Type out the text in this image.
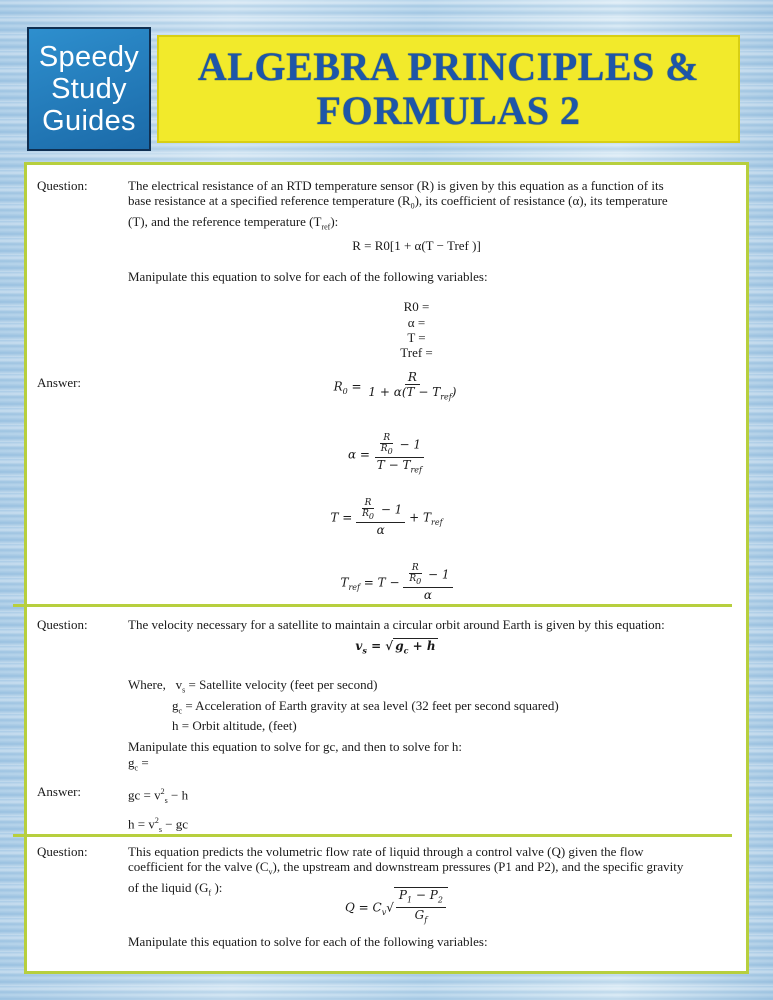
Speedy
Study
Guides
ALGEBRA PRINCIPLES &
FORMULAS 2
Question:	The electrical resistance of an RTD temperature sensor (R) is given by this equation as a function of its base resistance at a specified reference temperature $(R_0)$, its coefficient of resistance (α), its temperature (T), and the reference temperature $(T_{ref})$:
R = R0[1 + α(T − Tref )]
Manipulate this equation to solve for each of the following variables:
R0 =
α =
T =
Tref =
Answer:	$R_0 = \frac{R}{1 + \alpha(T - T_{ref})}$
$\alpha = \frac{\frac{R}{R_0} - 1}{T - T_{ref}}$
$T = \frac{\frac{R}{R_0} - 1}{\alpha} + T_{ref}$
$T_{ref} = T - \frac{\frac{R}{R_0} - 1}{\alpha}$
Question:	The velocity necessary for a satellite to maintain a circular orbit around Earth is given by this equation:
$v_s$ = √ $g_c + h$
Where,   $v_s$ = Satellite velocity (feet per second)
$g_c$ = Acceleration of Earth gravity at sea level (32 feet per second squared)
h = Orbit altitude, (feet)
Manipulate this equation to solve for gc, and then to solve for h:
$g_c$ =
Answer:	gc = $v^2_s - h$
$h = v^2_s$ − gc
Question:	This equation predicts the volumetric flow rate of liquid through a control valve (Q) given the flow coefficient for the valve $(C_v)$, the upstream and downstream pressures (P1 and P2), and the specific gravity of the liquid ($G_f$ ):
$Q = C_v√ \frac{P_1 - P_2}{G_f}$
Manipulate this equation to solve for each of the following variables:
